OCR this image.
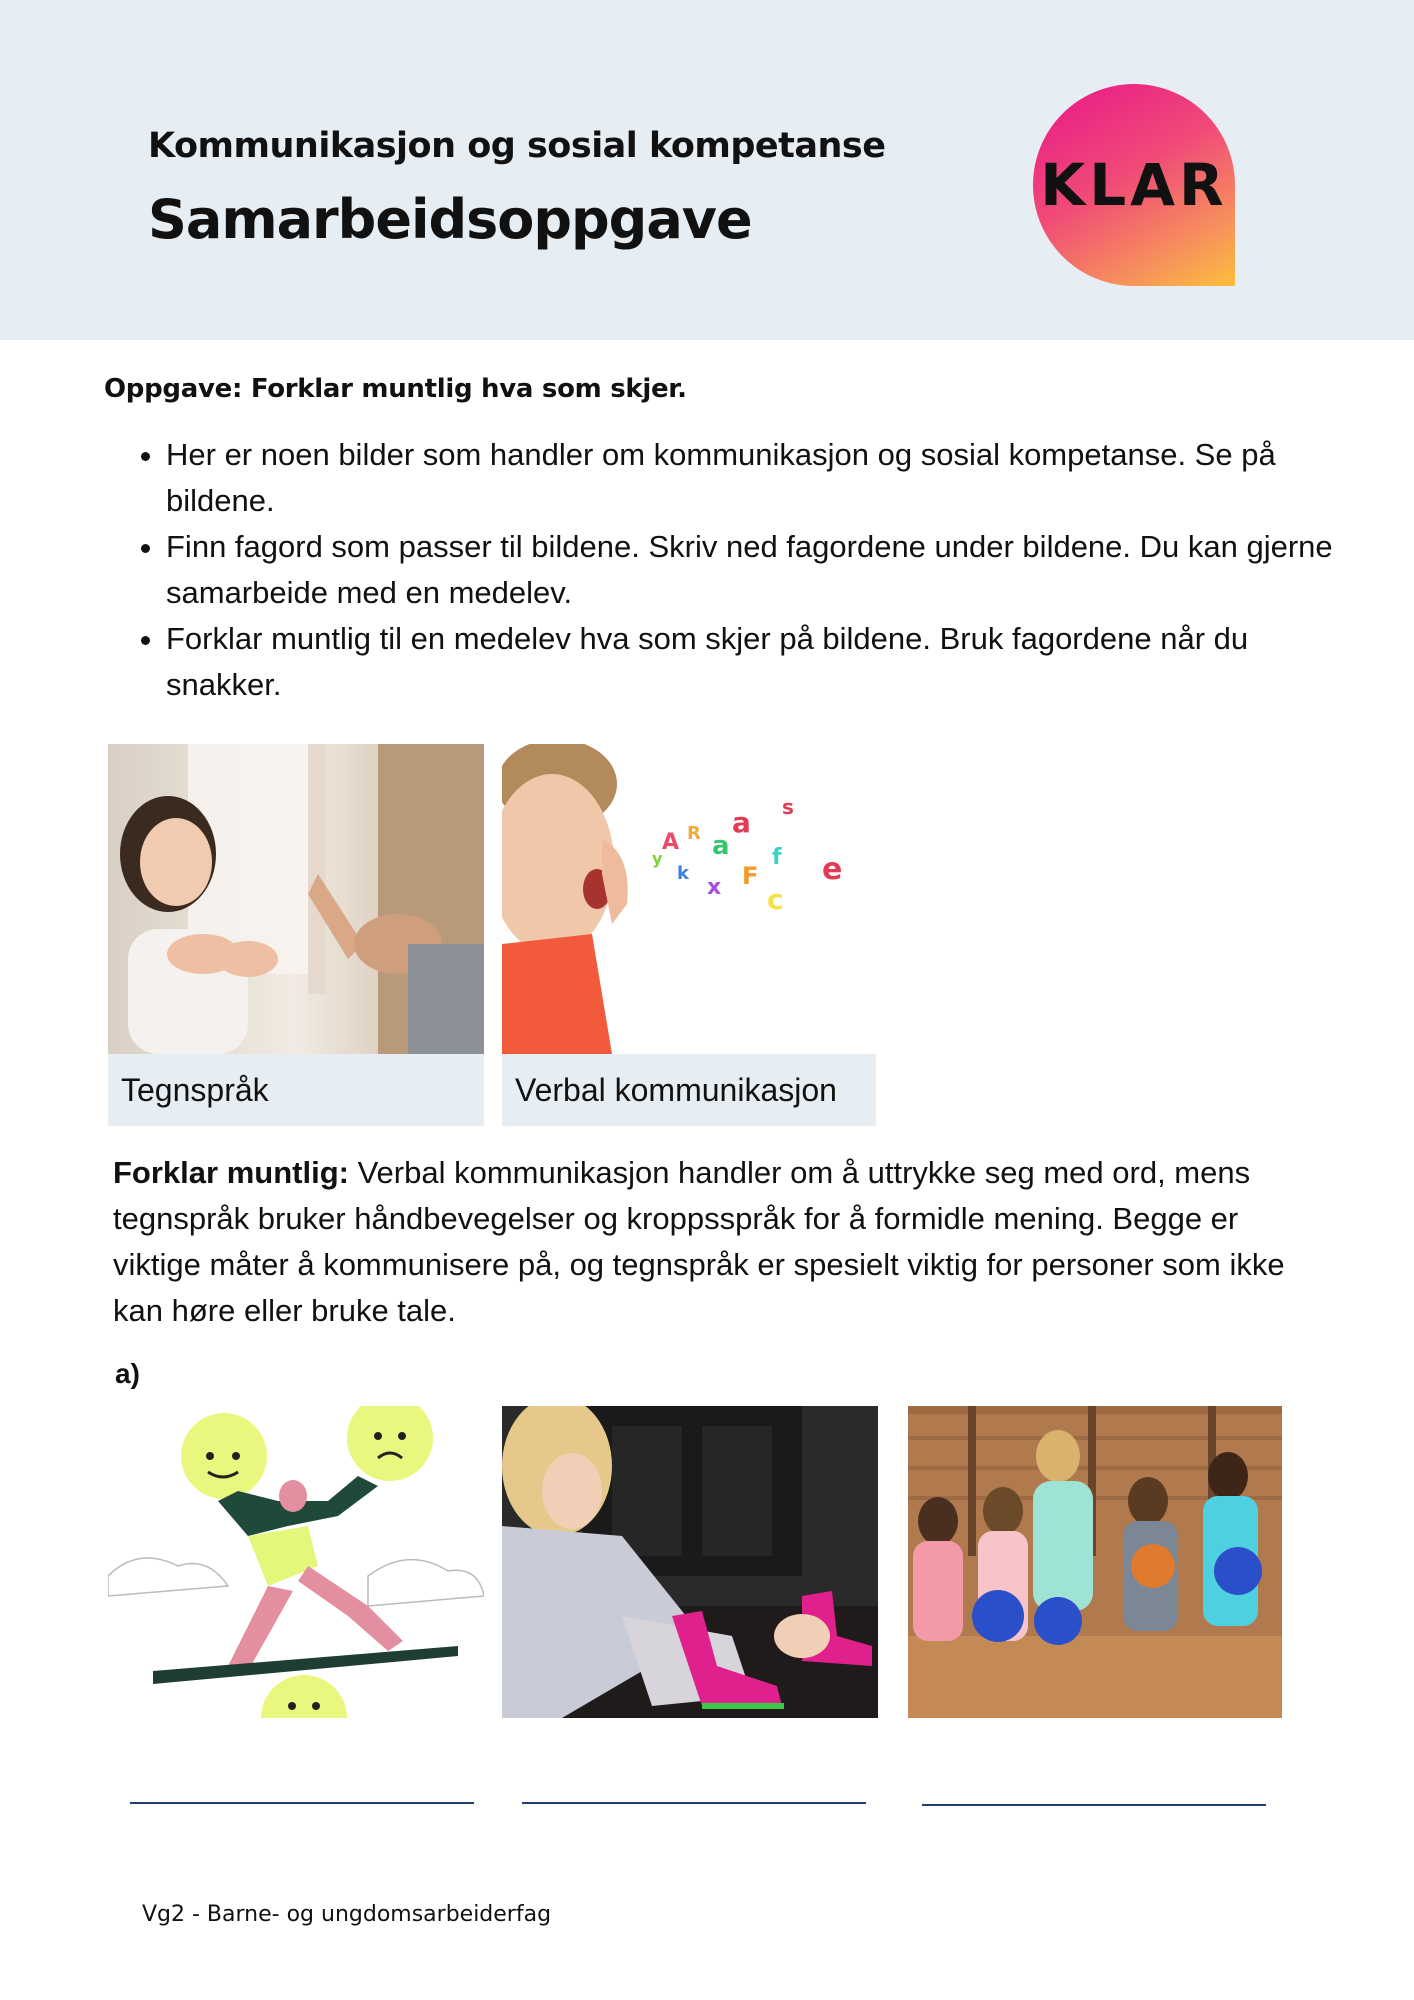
Kommunikasjon og sosial kompetanse
Samarbeidsoppgave
KLAR
Oppgave: Forklar muntlig hva som skjer.
• Her er noen bilder som handler om kommunikasjon og sosial kompetanse. Se på bildene.
• Finn fagord som passer til bildene. Skriv ned fagordene under bildene. Du kan gjerne samarbeide med en medelev.
• Forklar muntlig til en medelev hva som skjer på bildene. Bruk fagordene når du snakker.
Tegnspråk
A R a
a
k
x F
f
c
s
e
y
Verbal kommunikasjon
Forklar muntlig: Verbal kommunikasjon handler om å uttrykke seg med ord, mens tegnspråk bruker håndbevegelser og kroppsspråk for å formidle mening. Begge er viktige måter å kommunisere på, og tegnspråk er spesielt viktig for personer som ikke kan høre eller bruke tale.
a)
Vg2 - Barne- og ungdomsarbeiderfag
